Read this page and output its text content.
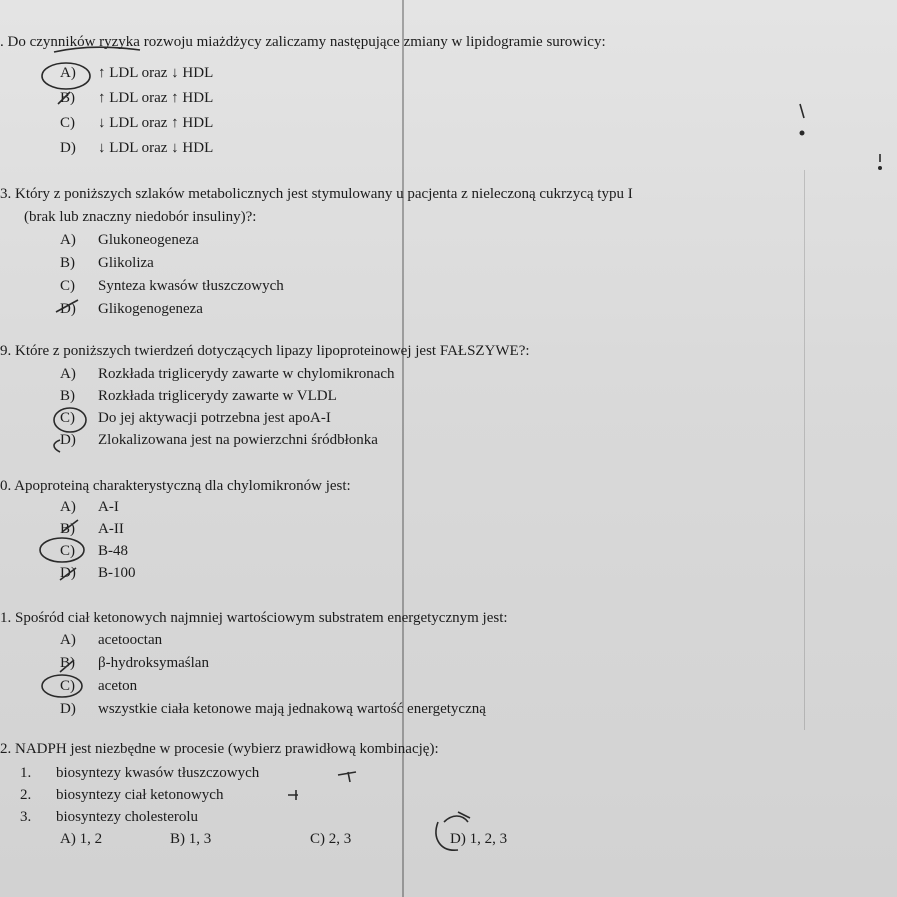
. Do czynników ryzyka rozwoju miażdżycy zaliczamy następujące zmiany w lipidogramie surowicy:
A) ↑ LDL oraz ↓ HDL
B) ↑ LDL oraz ↑ HDL
C) ↓ LDL oraz ↑ HDL
D) ↓ LDL oraz ↓ HDL
3. Który z poniższych szlaków metabolicznych jest stymulowany u pacjenta z nieleczoną cukrzycą typu I
(brak lub znaczny niedobór insuliny)?:
A) Glukoneogeneza
B) Glikoliza
C) Synteza kwasów tłuszczowych
D) Glikogenogeneza
9. Które z poniższych twierdzeń dotyczących lipazy lipoproteinowej jest FAŁSZYWE?:
A) Rozkłada triglicerydy zawarte w chylomikronach
B) Rozkłada triglicerydy zawarte w VLDL
C) Do jej aktywacji potrzebna jest apoA-I
D) Zlokalizowana jest na powierzchni śródbłonka
0. Apoproteiną charakterystyczną dla chylomikronów jest:
A) A-I
B) A-II
C) B-48
D) B-100
1. Spośród ciał ketonowych najmniej wartościowym substratem energetycznym jest:
A) acetooctan
B) β-hydroksymaślan
C) aceton
D) wszystkie ciała ketonowe mają jednakową wartość energetyczną
2. NADPH jest niezbędne w procesie (wybierz prawidłową kombinację):
1. biosyntezy kwasów tłuszczowych
2. biosyntezy ciał ketonowych
3. biosyntezy cholesterolu
A) 1, 2	B) 1, 3	C) 2, 3	D) 1, 2, 3
